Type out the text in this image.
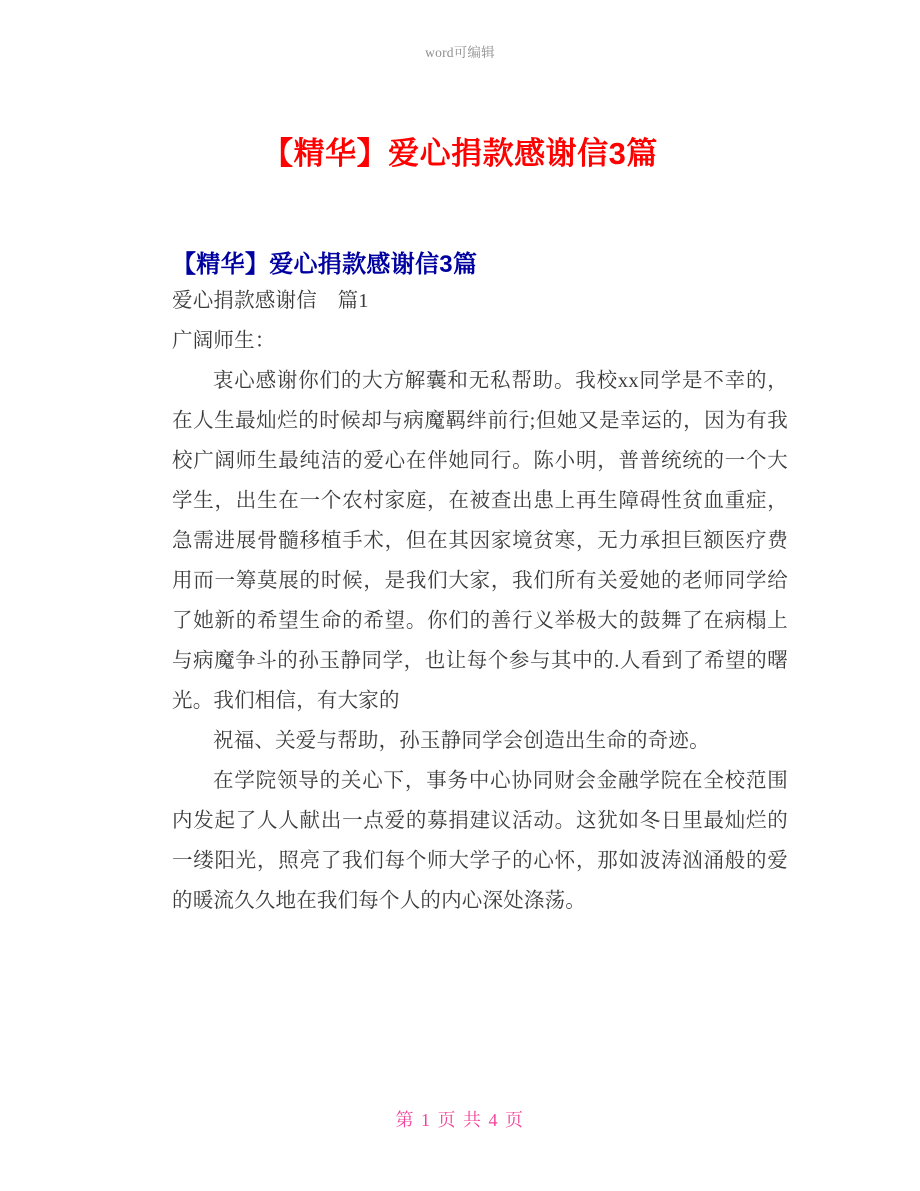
word可编辑
【精华】爱心捐款感谢信3篇
【精华】爱心捐款感谢信3篇
爱心捐款感谢信　篇1
广阔师生：

衷心感谢你们的大方解囊和无私帮助。我校xx同学是不幸的，在人生最灿烂的时候却与病魔羁绊前行;但她又是幸运的，因为有我校广阔师生最纯洁的爱心在伴她同行。陈小明，普普统统的一个大学生，出生在一个农村家庭，在被查出患上再生障碍性贫血重症，急需进展骨髓移植手术，但在其因家境贫寒，无力承担巨额医疗费用而一筹莫展的时候，是我们大家，我们所有关爱她的老师同学给了她新的希望生命的希望。你们的善行义举极大的鼓舞了在病榻上与病魔争斗的孙玉静同学，也让每个参与其中的.人看到了希望的曙光。我们相信，有大家的

祝福、关爱与帮助，孙玉静同学会创造出生命的奇迹。

在学院领导的关心下，事务中心协同财会金融学院在全校范围内发起了人人献出一点爱的募捐建议活动。这犹如冬日里最灿烂的一缕阳光，照亮了我们每个师大学子的心怀，那如波涛汹涌般的爱的暖流久久地在我们每个人的内心深处涤荡。

第 1 页 共 4 页
